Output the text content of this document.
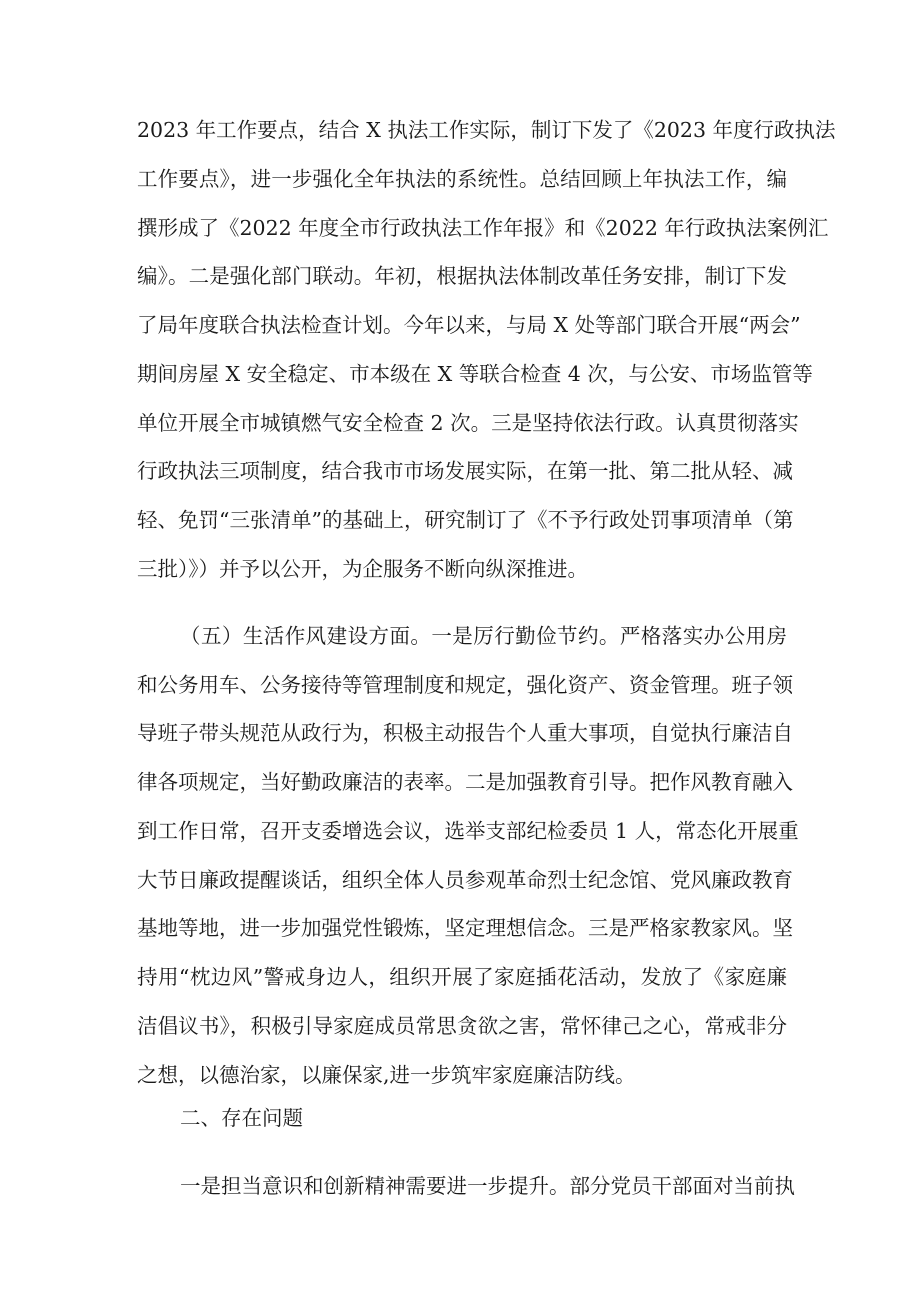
2023 年工作要点，结合 X 执法工作实际，制订下发了《2023 年度行政执法
工作要点》，进一步强化全年执法的系统性。总结回顾上年执法工作，编
撰形成了《2022 年度全市行政执法工作年报》和《2022 年行政执法案例汇
编》。二是强化部门联动。年初，根据执法体制改革任务安排，制订下发
了局年度联合执法检查计划。今年以来，与局 X 处等部门联合开展“两会”
期间房屋 X 安全稳定、市本级在 X 等联合检查 4 次，与公安、市场监管等
单位开展全市城镇燃气安全检查 2 次。三是坚持依法行政。认真贯彻落实
行政执法三项制度，结合我市市场发展实际，在第一批、第二批从轻、减
轻、免罚“三张清单”的基础上，研究制订了《不予行政处罚事项清单（第
三批）》）并予以公开，为企服务不断向纵深推进。
（五）生活作风建设方面。一是厉行勤俭节约。严格落实办公用房
和公务用车、公务接待等管理制度和规定，强化资产、资金管理。班子领
导班子带头规范从政行为，积极主动报告个人重大事项，自觉执行廉洁自
律各项规定，当好勤政廉洁的表率。二是加强教育引导。把作风教育融入
到工作日常，召开支委增选会议，选举支部纪检委员 1 人，常态化开展重
大节日廉政提醒谈话，组织全体人员参观革命烈士纪念馆、党风廉政教育
基地等地，进一步加强党性锻炼，坚定理想信念。三是严格家教家风。坚
持用“枕边风”警戒身边人，组织开展了家庭插花活动，发放了《家庭廉
洁倡议书》，积极引导家庭成员常思贪欲之害，常怀律己之心，常戒非分
之想，以德治家，以廉保家,进一步筑牢家庭廉洁防线。
二、存在问题
一是担当意识和创新精神需要进一步提升。部分党员干部面对当前执
